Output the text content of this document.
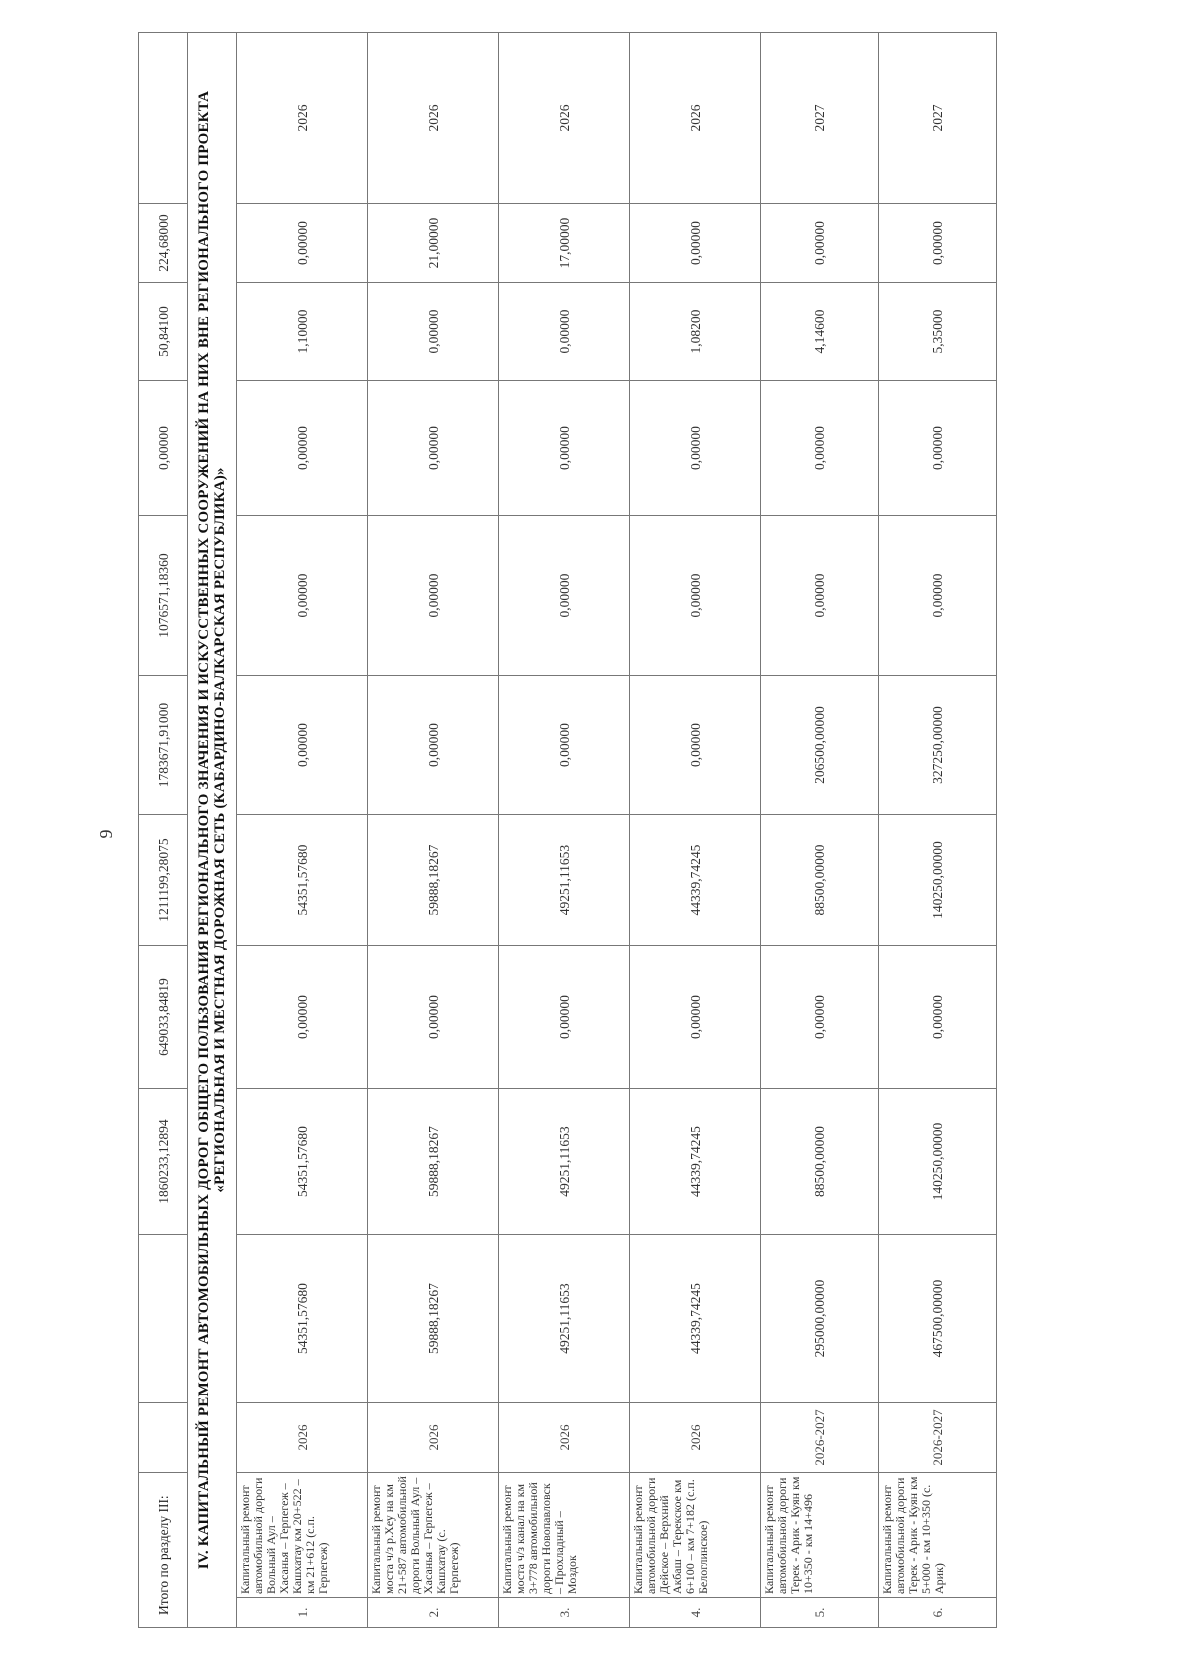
9
Итого по разделу III:				1860233,12894	649033,84819	1211199,28075	1783671,91000	1076571,18360	0,00000	50,84100	224,68000	
IV. КАПИТАЛЬНЫЙ РЕМОНТ АВТОМОБИЛЬНЫХ ДОРОГ ОБЩЕГО ПОЛЬЗОВАНИЯ РЕГИОНАЛЬНОГО ЗНАЧЕНИЯ И ИСКУССТВЕННЫХ СООРУЖЕНИЙ НА НИХ ВНЕ РЕГИОНАЛЬНОГО ПРОЕКТА «РЕГИОНАЛЬНАЯ И МЕСТНАЯ ДОРОЖНАЯ СЕТЬ (КАБАРДИНО-БАЛКАРСКАЯ РЕСПУБЛИКА)»												
1.	Капитальный ремонт автомобильной дороги Вольный Аул – Хасанья – Герпегеж – Кашхатау км 20+522 – км 21+612 (с.п. Герпегеж)	2026	54351,57680	54351,57680	0,00000	54351,57680	0,00000	0,00000	0,00000	1,10000	0,00000	2026
2.	Капитальный ремонт моста ч/з р.Хеу на км 21+587 автомобильной дороги Вольный Аул – Хасанья – Герпегеж – Кашхатау (с. Герпегеж)	2026	59888,18267	59888,18267	0,00000	59888,18267	0,00000	0,00000	0,00000	0,00000	21,00000	2026
3.	Капитальный ремонт моста ч/з канал на км 3+778 автомобильной дороги Новопавловск – Прохладный – Моздок	2026	49251,11653	49251,11653	0,00000	49251,11653	0,00000	0,00000	0,00000	0,00000	17,00000	2026
4.	Капитальный ремонт автомобильной дороги Дейское – Верхний Акбаш – Терекское км 6+100 – км 7+182 (с.п. Белоглинское)	2026	44339,74245	44339,74245	0,00000	44339,74245	0,00000	0,00000	0,00000	1,08200	0,00000	2026
5.	Капитальный ремонт автомобильной дороги Терек - Арик - Куян км 10+350 - км 14+496	2026-2027	295000,00000	88500,00000	0,00000	88500,00000	206500,00000	0,00000	0,00000	4,14600	0,00000	2027
6.	Капитальный ремонт автомобильной дороги Терек - Арик - Куян км 5+000 - км 10+350 (с. Арик)	2026-2027	467500,00000	140250,00000	0,00000	140250,00000	327250,00000	0,00000	0,00000	5,35000	0,00000	2027
